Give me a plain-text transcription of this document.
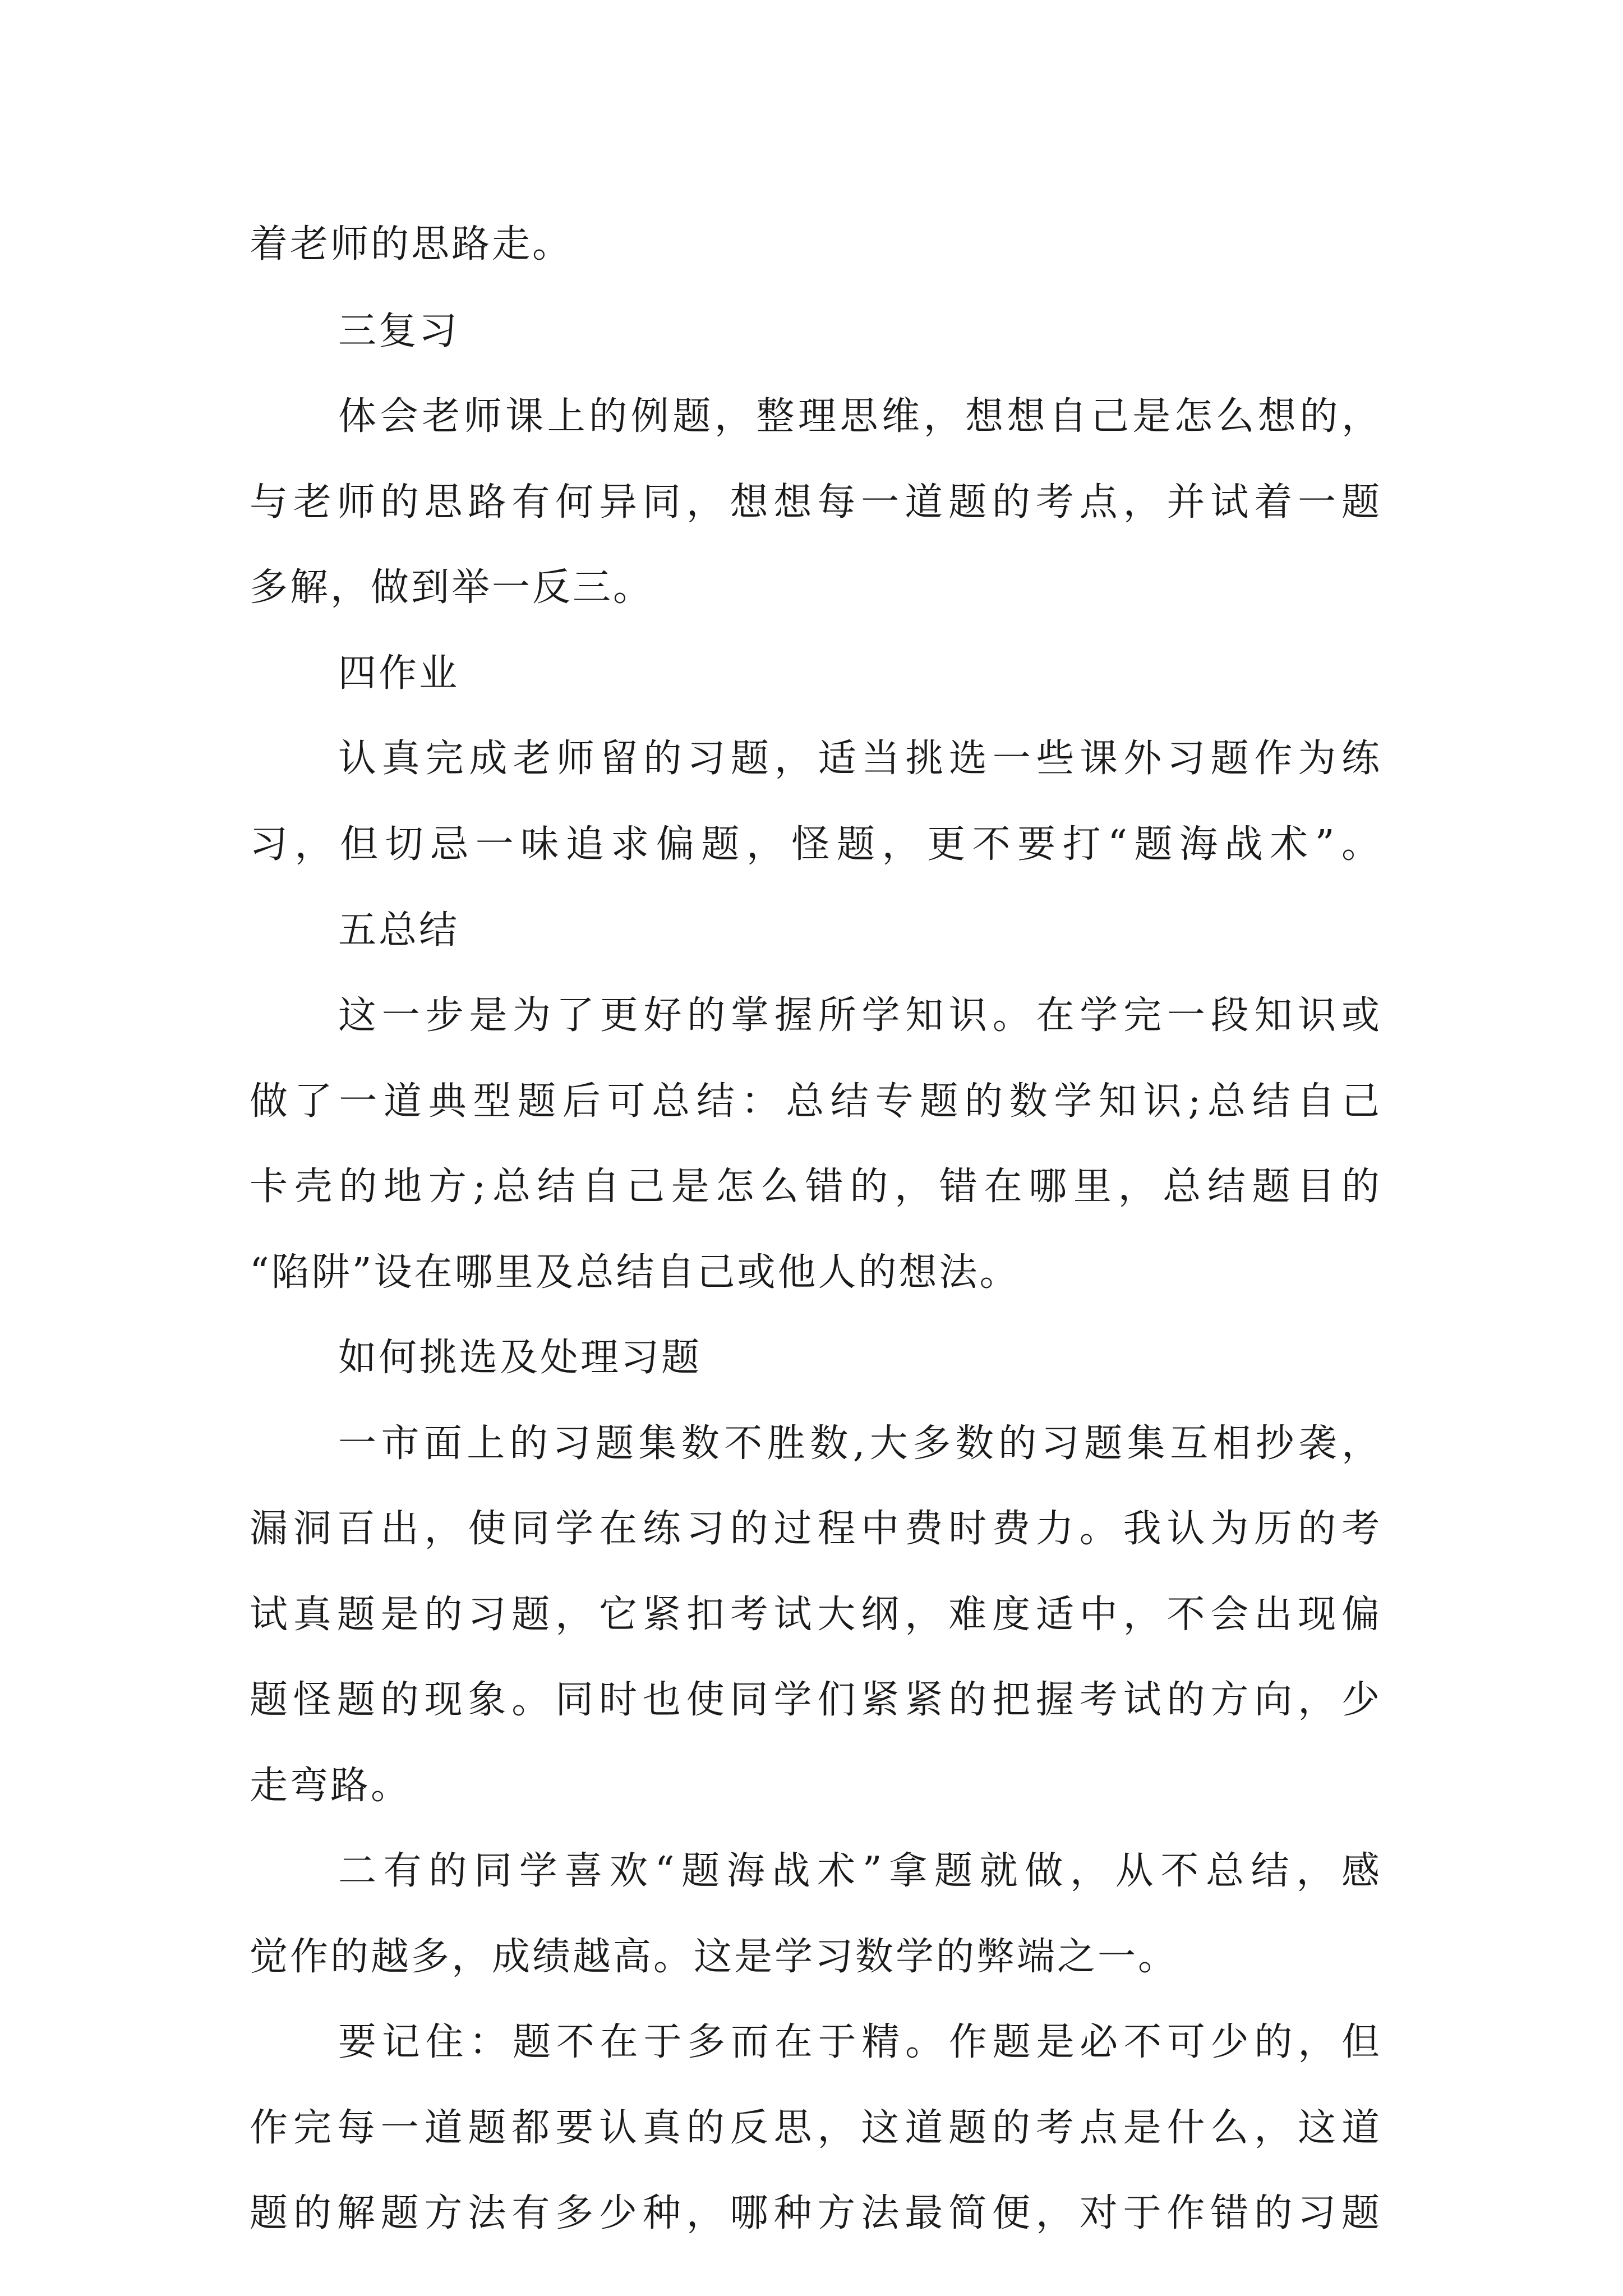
着老师的思路走。
三复习
体会老师课上的例题，整理思维，想想自己是怎么想的，
与老师的思路有何异同，想想每一道题的考点，并试着一题
多解，做到举一反三。
四作业
认真完成老师留的习题，适当挑选一些课外习题作为练
习，但切忌一味追求偏题，怪题，更不要打“题海战术”。
五总结
这一步是为了更好的掌握所学知识。在学完一段知识或
做了一道典型题后可总结：总结专题的数学知识;总结自己
卡壳的地方;总结自己是怎么错的，错在哪里，总结题目的
“陷阱”设在哪里及总结自己或他人的想法。
如何挑选及处理习题
一市面上的习题集数不胜数,大多数的习题集互相抄袭，
漏洞百出，使同学在练习的过程中费时费力。我认为历的考
试真题是的习题，它紧扣考试大纲，难度适中，不会出现偏
题怪题的现象。同时也使同学们紧紧的把握考试的方向，少
走弯路。
二有的同学喜欢“题海战术”拿题就做，从不总结，感
觉作的越多，成绩越高。这是学习数学的弊端之一。
要记住：题不在于多而在于精。作题是必不可少的，但
作完每一道题都要认真的反思，这道题的考点是什么，这道
题的解题方法有多少种，哪种方法最简便，对于作错的习题
